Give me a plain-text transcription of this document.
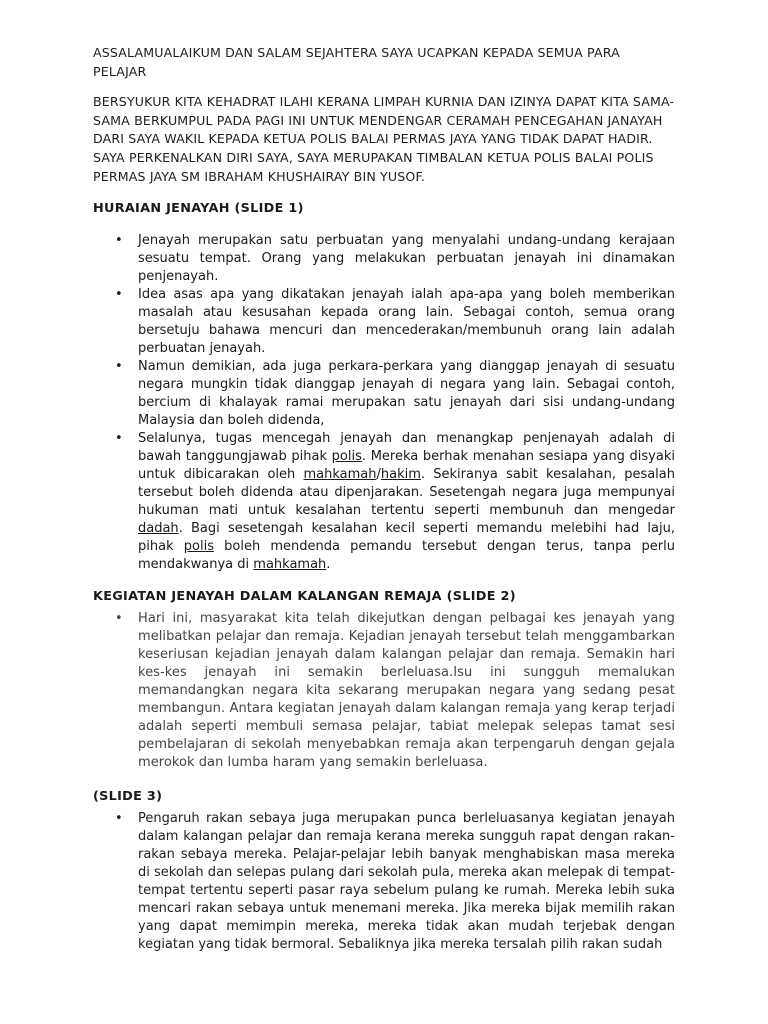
ASSALAMUALAIKUM DAN SALAM SEJAHTERA SAYA UCAPKAN KEPADA SEMUA PARA PELAJAR

BERSYUKUR KITA KEHADRAT ILAHI KERANA LIMPAH KURNIA DAN IZINYA DAPAT KITA SAMA-SAMA BERKUMPUL PADA PAGI INI UNTUK MENDENGAR CERAMAH PENCEGAHAN JANAYAH DARI SAYA WAKIL KEPADA KETUA POLIS BALAI PERMAS JAYA YANG TIDAK DAPAT HADIR. SAYA PERKENALKAN DIRI SAYA, SAYA MERUPAKAN TIMBALAN KETUA POLIS BALAI POLIS PERMAS JAYA SM IBRAHAM KHUSHAIRAY BIN YUSOF.

HURAIAN JENAYAH (SLIDE 1)
• Jenayah merupakan satu perbuatan yang menyalahi undang-undang kerajaan sesuatu tempat. Orang yang melakukan perbuatan jenayah ini dinamakan penjenayah.
• Idea asas apa yang dikatakan jenayah ialah apa-apa yang boleh memberikan masalah atau kesusahan kepada orang lain. Sebagai contoh, semua orang bersetuju bahawa mencuri dan mencederakan/membunuh orang lain adalah perbuatan jenayah.
• Namun demikian, ada juga perkara-perkara yang dianggap jenayah di sesuatu negara mungkin tidak dianggap jenayah di negara yang lain. Sebagai contoh, bercium di khalayak ramai merupakan satu jenayah dari sisi undang-undang Malaysia dan boleh didenda,
• Selalunya, tugas mencegah jenayah dan menangkap penjenayah adalah di bawah tanggungjawab pihak polis. Mereka berhak menahan sesiapa yang disyaki untuk dibicarakan oleh mahkamah/hakim. Sekiranya sabit kesalahan, pesalah tersebut boleh didenda atau dipenjarakan. Sesetengah negara juga mempunyai hukuman mati untuk kesalahan tertentu seperti membunuh dan mengedar dadah. Bagi sesetengah kesalahan kecil seperti memandu melebihi had laju, pihak polis boleh mendenda pemandu tersebut dengan terus, tanpa perlu mendakwanya di mahkamah.
KEGIATAN JENAYAH DALAM KALANGAN REMAJA (SLIDE 2)
• Hari ini, masyarakat kita telah dikejutkan dengan pelbagai kes jenayah yang melibatkan pelajar dan remaja. Kejadian jenayah tersebut telah menggambarkan keseriusan kejadian jenayah dalam kalangan pelajar dan remaja. Semakin hari kes-kes jenayah ini semakin berleluasa.Isu ini sungguh memalukan memandangkan negara kita sekarang merupakan negara yang sedang pesat membangun. Antara kegiatan jenayah dalam kalangan remaja yang kerap terjadi adalah seperti membuli semasa pelajar, tabiat melepak selepas tamat sesi pembelajaran di sekolah menyebabkan remaja akan terpengaruh dengan gejala merokok dan lumba haram yang semakin berleluasa.
(SLIDE 3)
• Pengaruh rakan sebaya juga merupakan punca berleluasanya kegiatan jenayah dalam kalangan pelajar dan remaja kerana mereka sungguh rapat dengan rakan-rakan sebaya mereka. Pelajar-pelajar lebih banyak menghabiskan masa mereka di sekolah dan selepas pulang dari sekolah pula, mereka akan melepak di tempat-tempat tertentu seperti pasar raya sebelum pulang ke rumah. Mereka lebih suka mencari rakan sebaya untuk menemani mereka. Jika mereka bijak memilih rakan yang dapat memimpin mereka, mereka tidak akan mudah terjebak dengan kegiatan yang tidak bermoral. Sebaliknya jika mereka tersalah pilih rakan sudah
